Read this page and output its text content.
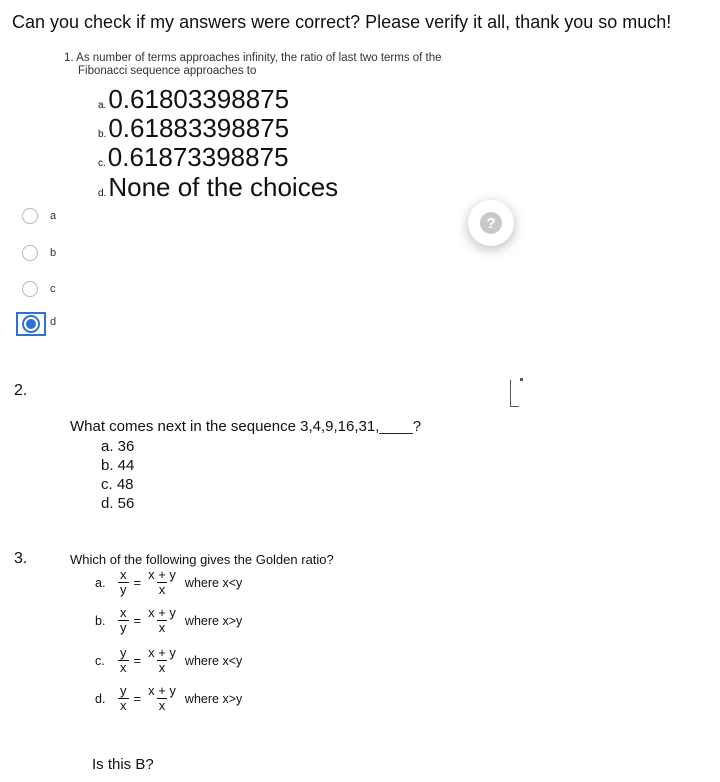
Can you check if my answers were correct? Please verify it all, thank you so much!
1. As number of terms approaches infinity, the ratio of last two terms of the
Fibonacci sequence approaches to
a. 0.61803398875
b. 0.61883398875
c. 0.61873398875
d. None of the choices
a
b
c
d
?
2.
What comes next in the sequence 3,4,9,16,31,____?
a. 36
b. 44
c. 48
d. 56
3.	Which of the following gives the Golden ratio?
a. $\frac{x}{y} = \frac{x + y}{x}$ where x<y
b. $\frac{x}{y} = \frac{x + y}{x}$ where x>y
c.	$\frac{y}{x} = \frac{x + y}{x}$ where x<y
d. $\frac{y}{x} = \frac{x + y}{x}$ where x>y
Is this B?
